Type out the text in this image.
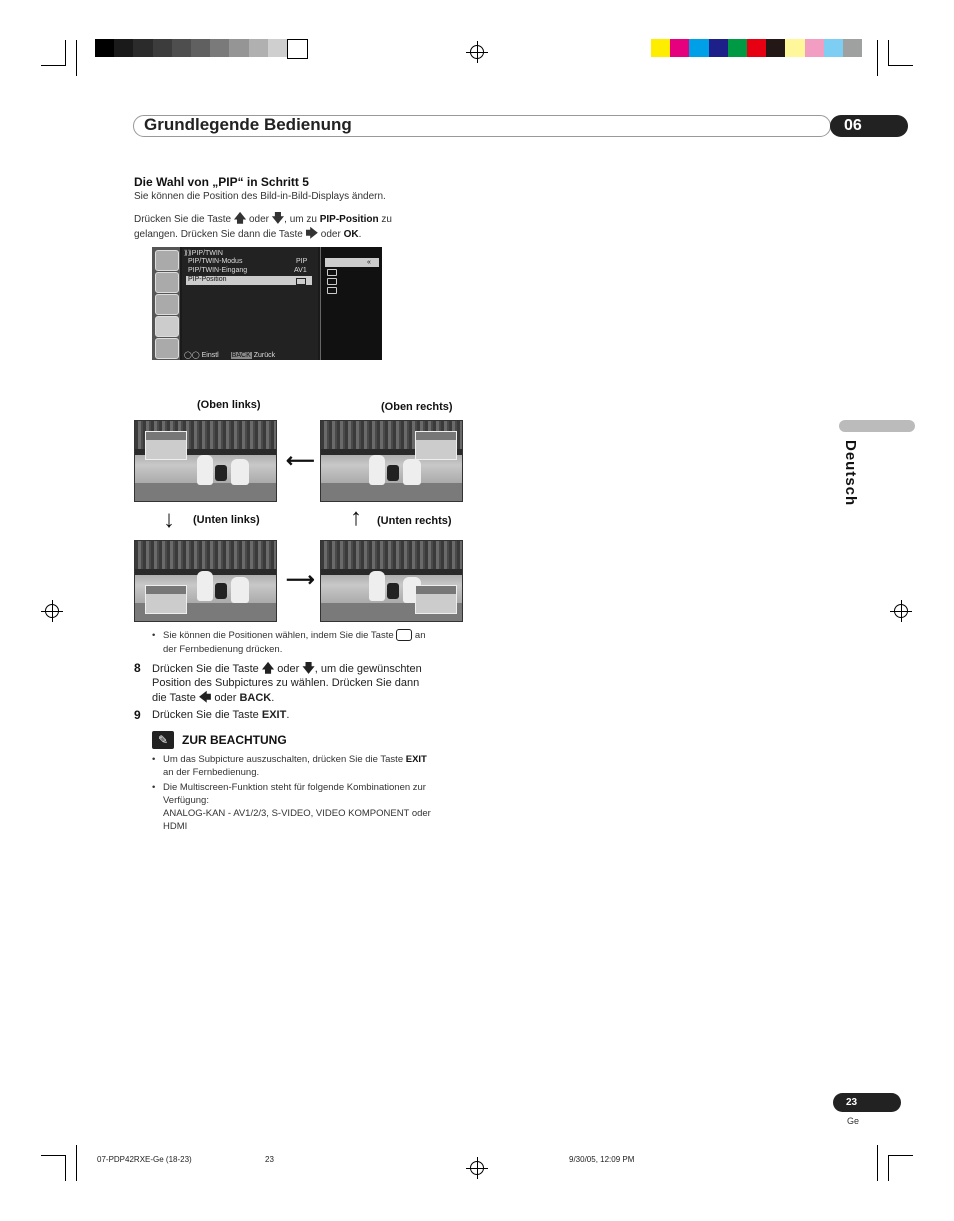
Grundlegende Bedienung	06
Deutsch
Die Wahl von „PIP“ in Schritt 5
Sie können die Position des Bild-in-Bild-Displays ändern.
Drücken Sie die Taste 🡅 oder 🡇, um zu PIP-Position zu
gelangen. Drücken Sie dann die Taste 🡆 oder OK.
«
⟫⟫PIP/TWIN
PIP/TWIN-Modus	PIP
PIP/TWIN-Eingang	AV1
PIP-Position
◯◯ Einstl BACK Zurück
(Oben links)	(Oben rechts)
(Unten links)	(Unten rechts)
⟵
↓	↑
⟶
• Sie können die Positionen wählen, indem Sie die Taste an
der Fernbedienung drücken.
8 Drücken Sie die Taste 🡅 oder 🡇, um die gewünschten
Position des Subpictures zu wählen. Drücken Sie dann
die Taste 🡄 oder BACK.
9 Drücken Sie die Taste EXIT.
✎	ZUR BEACHTUNG
• Um das Subpicture auszuschalten, drücken Sie die Taste EXIT
an der Fernbedienung.
• Die Multiscreen-Funktion steht für folgende Kombinationen zur
Verfügung:
ANALOG-KAN - AV1/2/3, S-VIDEO, VIDEO KOMPONENT oder
HDMI
23
Ge
07-PDP42RXE-Ge (18-23)	23	9/30/05, 12:09 PM
